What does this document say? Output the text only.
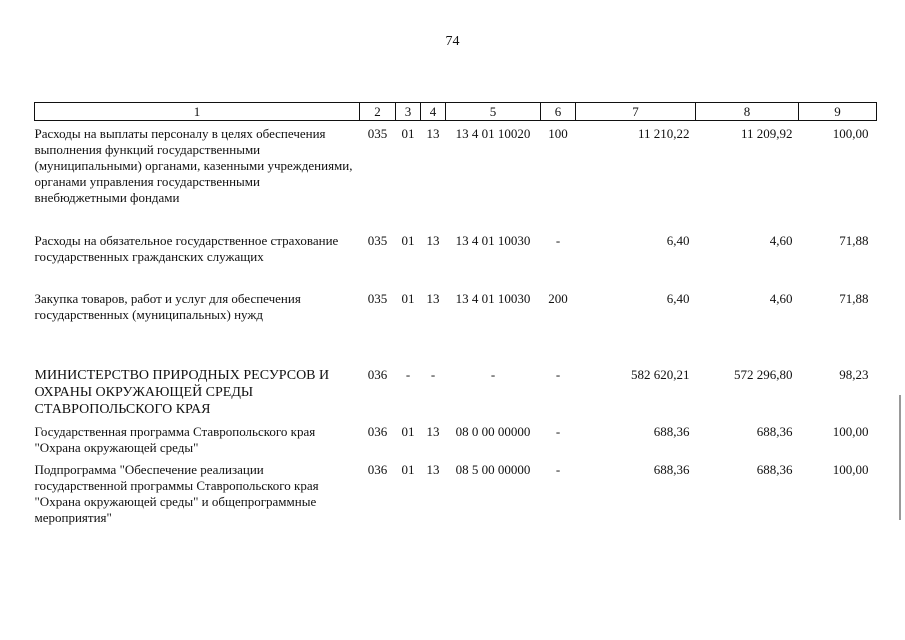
74
1	2	3	4	5	6	7	8	9
Расходы на выплаты персоналу в целях обеспечения выполнения функций государственными (муниципальными) органами, казенными учреждениями, органами управления государственными внебюджетными фондами	035	01	13	13 4 01 10020	100	11 210,22	11 209,92	100,00
Расходы на обязательное государственное страхование государственных гражданских служащих	035	01	13	13 4 01 10030	-	6,40	4,60	71,88
Закупка товаров, работ и услуг для обеспечения государственных (муниципальных) нужд	035	01	13	13 4 01 10030	200	6,40	4,60	71,88
МИНИСТЕРСТВО ПРИРОДНЫХ РЕСУРСОВ И ОХРАНЫ ОКРУЖАЮЩЕЙ СРЕДЫ СТАВРОПОЛЬСКОГО КРАЯ	036	-	-	-	-	582 620,21	572 296,80	98,23
Государственная программа Ставропольского края "Охрана окружающей среды"	036	01	13	08 0 00 00000	-	688,36	688,36	100,00
Подпрограмма "Обеспечение реализации государственной программы Ставропольского края "Охрана окружающей среды" и общепрограммные мероприятия"	036	01	13	08 5 00 00000	-	688,36	688,36	100,00
